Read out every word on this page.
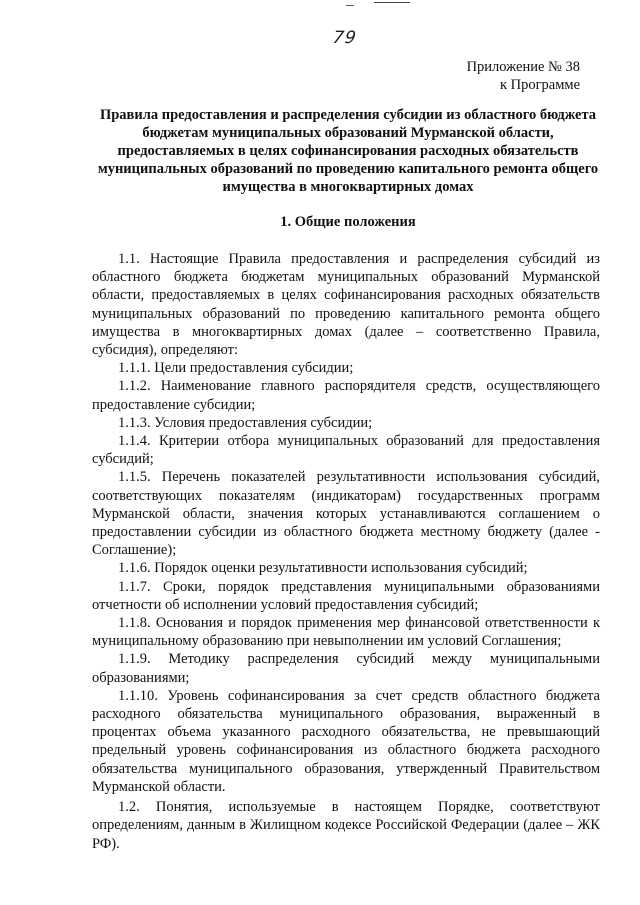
79
Приложение № 38
к Программе
Правила предоставления и распределения субсидии из областного бюджета бюджетам муниципальных образований Мурманской области, предоставляемых в целях софинансирования расходных обязательств муниципальных образований по проведению капитального ремонта общего имущества в многоквартирных домах
1. Общие положения

1.1. Настоящие Правила предоставления и распределения субсидий из областного бюджета бюджетам муниципальных образований Мурманской области, предоставляемых в целях софинансирования расходных обязательств муниципальных образований по проведению капитального ремонта общего имущества в многоквартирных домах (далее – соответственно Правила, субсидия), определяют:

1.1.1. Цели предоставления субсидии;

1.1.2. Наименование главного распорядителя средств, осуществляющего предоставление субсидии;

1.1.3. Условия предоставления субсидии;

1.1.4. Критерии отбора муниципальных образований для предоставления субсидий;

1.1.5. Перечень показателей результативности использования субсидий, соответствующих показателям (индикаторам) государственных программ Мурманской области, значения которых устанавливаются соглашением о предоставлении субсидии из областного бюджета местному бюджету (далее - Соглашение);

1.1.6. Порядок оценки результативности использования субсидий;

1.1.7. Сроки, порядок представления муниципальными образованиями отчетности об исполнении условий предоставления субсидий;

1.1.8. Основания и порядок применения мер финансовой ответственности к муниципальному образованию при невыполнении им условий Соглашения;

1.1.9. Методику распределения субсидий между муниципальными образованиями;

1.1.10. Уровень софинансирования за счет средств областного бюджета расходного обязательства муниципального образования, выраженный в процентах объема указанного расходного обязательства, не превышающий предельный уровень софинансирования из областного бюджета расходного обязательства муниципального образования, утвержденный Правительством Мурманской области.

1.2. Понятия, используемые в настоящем Порядке, соответствуют определениям, данным в Жилищном кодексе Российской Федерации (далее – ЖК РФ).
